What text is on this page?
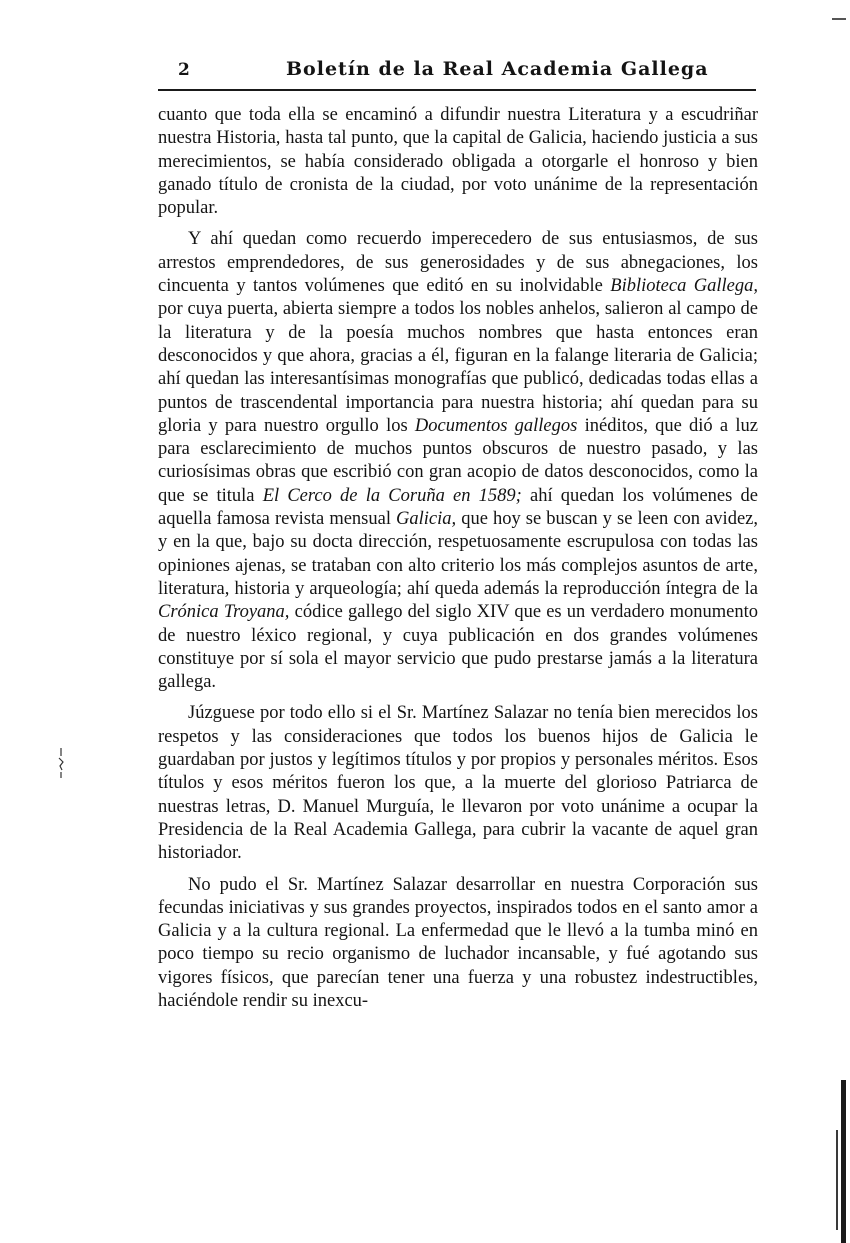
2	Boletín de la Real Academia Gallega

cuanto que toda ella se encaminó a difundir nuestra Literatura y a escudriñar nuestra Historia, hasta tal punto, que la capital de Galicia, haciendo justicia a sus merecimientos, se había considerado obligada a otorgarle el honroso y bien ganado título de cronista de la ciudad, por voto unánime de la representación popular.

Y ahí quedan como recuerdo imperecedero de sus entusiasmos, de sus arrestos emprendedores, de sus generosidades y de sus abnegaciones, los cincuenta y tantos volúmenes que editó en su inolvidable Biblioteca Gallega, por cuya puerta, abierta siempre a todos los nobles anhelos, salieron al campo de la literatura y de la poesía muchos nombres que hasta entonces eran desconocidos y que ahora, gracias a él, figuran en la falange literaria de Galicia; ahí quedan las interesantísimas monografías que publicó, dedicadas todas ellas a puntos de trascendental importancia para nuestra historia; ahí quedan para su gloria y para nuestro orgullo los Documentos gallegos inéditos, que dió a luz para esclarecimiento de muchos puntos obscuros de nuestro pasado, y las curiosísimas obras que escribió con gran acopio de datos desconocidos, como la que se titula El Cerco de la Coruña en 1589; ahí quedan los volúmenes de aquella famosa revista mensual Galicia, que hoy se buscan y se leen con avidez, y en la que, bajo su docta dirección, respetuosamente escrupulosa con todas las opiniones ajenas, se trataban con alto criterio los más complejos asuntos de arte, literatura, historia y arqueología; ahí queda además la reproducción íntegra de la Crónica Troyana, códice gallego del siglo XIV que es un verdadero monumento de nuestro léxico regional, y cuya publicación en dos grandes volúmenes constituye por sí sola el mayor servicio que pudo prestarse jamás a la literatura gallega.

Júzguese por todo ello si el Sr. Martínez Salazar no tenía bien merecidos los respetos y las consideraciones que todos los buenos hijos de Galicia le guardaban por justos y legítimos títulos y por propios y personales méritos. Esos títulos y esos méritos fueron los que, a la muerte del glorioso Patriarca de nuestras letras, D. Manuel Murguía, le llevaron por voto unánime a ocupar la Presidencia de la Real Academia Gallega, para cubrir la vacante de aquel gran historiador.

No pudo el Sr. Martínez Salazar desarrollar en nuestra Corporación sus fecundas iniciativas y sus grandes proyectos, inspirados todos en el santo amor a Galicia y a la cultura regional. La enfermedad que le llevó a la tumba minó en poco tiempo su recio organismo de luchador incansable, y fué agotando sus vigores físicos, que parecían tener una fuerza y una robustez indestructibles, haciéndole rendir su inexcu-
